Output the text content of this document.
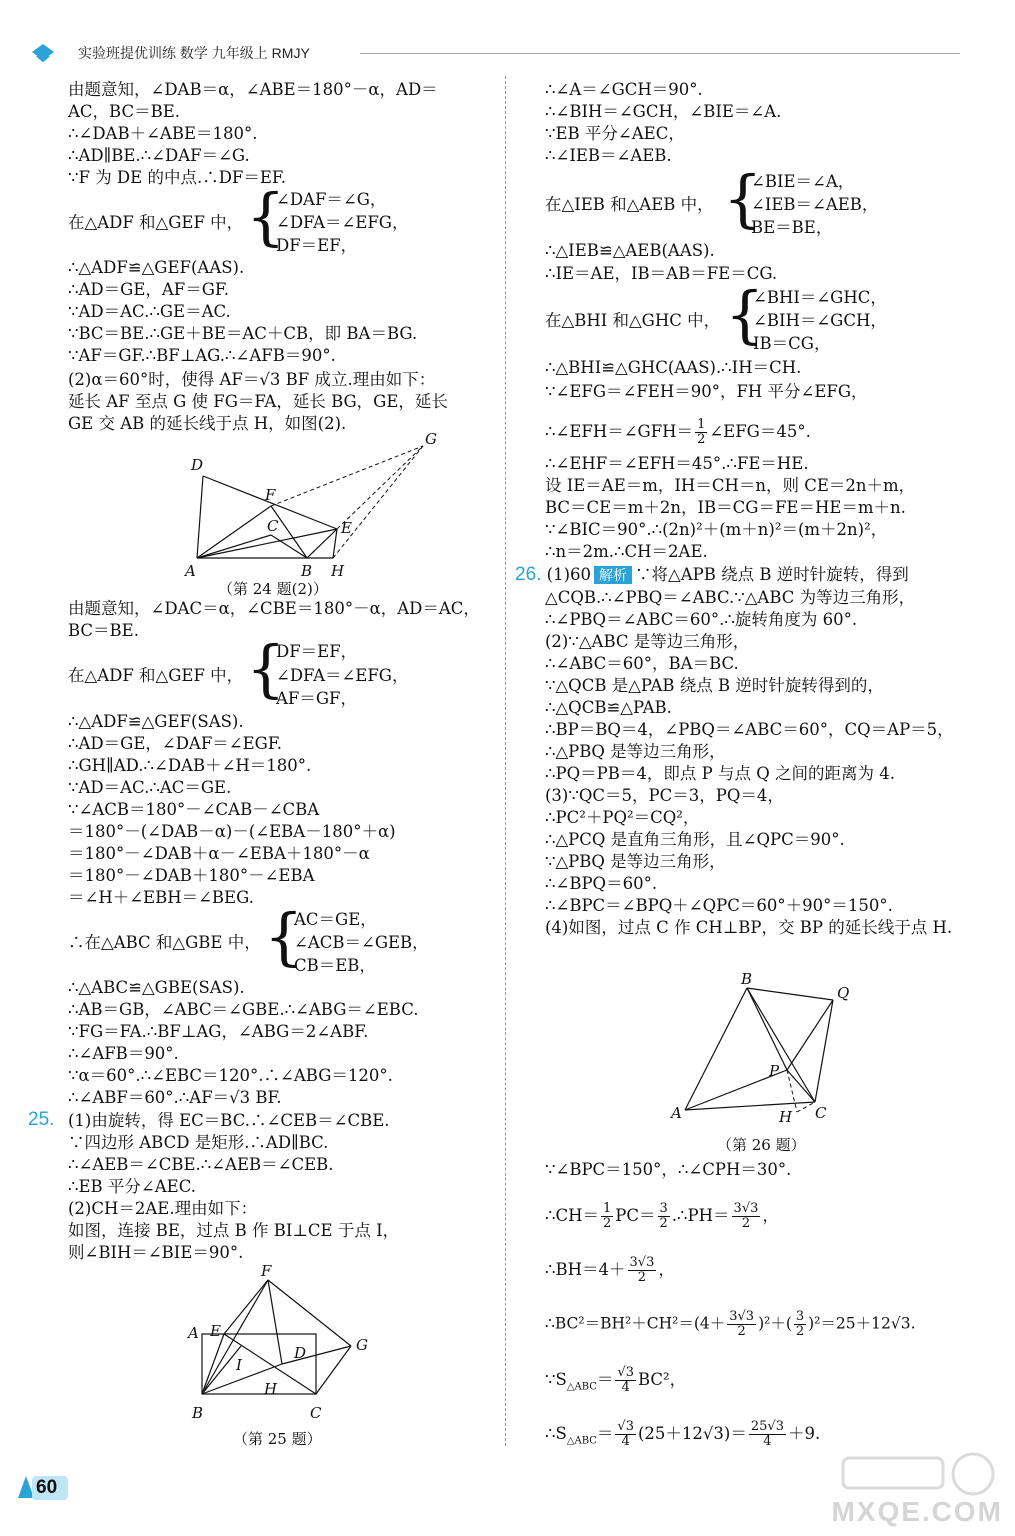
实验班提优训练 数学 九年级上 RMJY
由题意知，∠DAB＝α，∠ABE＝180°－α，AD＝
AC，BC＝BE.
∴∠DAB＋∠ABE＝180°.
∴AD∥BE.∴∠DAF＝∠G.
∵F 为 DE 的中点.∴DF＝EF.
在△ADF 和△GEF 中， {
∠DAF＝∠G，
∠DFA＝∠EFG，
DF＝EF，
∴△ADF≌△GEF(AAS).
∴AD＝GE，AF＝GF.
∵AD＝AC.∴GE＝AC.
∵BC＝BE.∴GE＋BE＝AC＋CB，即 BA＝BG.
∵AF＝GF.∴BF⊥AG.∴∠AFB＝90°.
(2)α＝60°时，使得 AF＝√3 BF 成立.理由如下：
延长 AF 至点 G 使 FG＝FA，延长 BG，GE，延长
GE 交 AB 的延长线于点 H，如图(2).
D
G
F
E
C
A	B H
（第 24 题(2)）
由题意知，∠DAC＝α，∠CBE＝180°－α，AD＝AC，
BC＝BE.
在△ADF 和△GEF 中， {
DF＝EF，
∠DFA＝∠EFG，
AF＝GF，
∴△ADF≌△GEF(SAS).
∴AD＝GE，∠DAF＝∠EGF.
∴GH∥AD.∴∠DAB＋∠H＝180°.
∵AD＝AC.∴AC＝GE.
∵∠ACB＝180°－∠CAB－∠CBA
＝180°－(∠DAB－α)－(∠EBA－180°＋α)
＝180°－∠DAB＋α－∠EBA＋180°－α
＝180°－∠DAB＋180°－∠EBA
＝∠H＋∠EBH＝∠BEG.
∴在△ABC 和△GBE 中， {
AC＝GE，
∠ACB＝∠GEB，
CB＝EB，
∴△ABC≌△GBE(SAS).
∴AB＝GB，∠ABC＝∠GBE.∴∠ABG＝∠EBC.
∵FG＝FA.∴BF⊥AG，∠ABG＝2∠ABF.
∴∠AFB＝90°.
∵α＝60°.∴∠EBC＝120°.∴∠ABG＝120°.
∴∠ABF＝60°.∴AF＝√3 BF.
25. (1)由旋转，得 EC＝BC.∴∠CEB＝∠CBE.
∵四边形 ABCD 是矩形.∴AD∥BC.
∴∠AEB＝∠CBE.∴∠AEB＝∠CEB.
∴EB 平分∠AEC.
(2)CH＝2AE.理由如下：
如图，连接 BE，过点 B 作 BI⊥CE 于点 I，
则∠BIH＝∠BIE＝90°.
F
A E
D	G
I
H
B	C
（第 25 题）
∴∠A＝∠GCH＝90°.
∴∠BIH＝∠GCH，∠BIE＝∠A.
∵EB 平分∠AEC，
∴∠IEB＝∠AEB.
在△IEB 和△AEB 中， {
∠BIE＝∠A，
∠IEB＝∠AEB，
BE＝BE，
∴△IEB≌△AEB(AAS).
∴IE＝AE，IB＝AB＝FE＝CG.
在△BHI 和△GHC 中， {
∠BHI＝∠GHC，
∠BIH＝∠GCH，
IB＝CG，
∴△BHI≌△GHC(AAS).∴IH＝CH.
∵∠EFG＝∠FEH＝90°，FH 平分∠EFG，
∴∠EFH＝∠GFH＝ $\frac{1}{2}$ ∠EFG＝45°.
∴∠EHF＝∠EFH＝45°.∴FE＝HE.
设 IE＝AE＝m，IH＝CH＝n，则 CE＝2n＋m，
BC＝CE＝m＋2n，IB＝CG＝FE＝HE＝m＋n.
∵∠BIC＝90°.∴(2n)²＋(m＋n)²＝(m＋2n)²，
∴n＝2m.∴CH＝2AE.
26. (1)60 解析 ∵将△APB 绕点 B 逆时针旋转，得到
△CQB.∴∠PBQ＝∠ABC.∵△ABC 为等边三角形，
∴∠PBQ＝∠ABC＝60°.∴旋转角度为 60°.
(2)∵△ABC 是等边三角形，
∴∠ABC＝60°，BA＝BC.
∵△QCB 是△PAB 绕点 B 逆时针旋转得到的，
∴△QCB≌△PAB.
∴BP＝BQ＝4，∠PBQ＝∠ABC＝60°，CQ＝AP＝5，
∴△PBQ 是等边三角形，
∴PQ＝PB＝4，即点 P 与点 Q 之间的距离为 4.
(3)∵QC＝5，PC＝3，PQ＝4，
∴PC²＋PQ²＝CQ²，
∴△PCQ 是直角三角形，且∠QPC＝90°.
∵△PBQ 是等边三角形，
∴∠BPQ＝60°.
∴∠BPC＝∠BPQ＋∠QPC＝60°＋90°＝150°.
(4)如图，过点 C 作 CH⊥BP，交 BP 的延长线于点 H.
B
Q
P
A	H C
（第 26 题）
∵∠BPC＝150°，∴∠CPH＝30°.
∴CH＝ $\frac{1}{2} PC= \frac{3}{2}$ .∴PH＝ $\frac{3√3}{2}$ ，
∴BH＝4＋ $\frac{3√3}{2}$ ，
∴BC²＝BH²＋CH²＝(4＋ $\frac{3√3}{2} )^2+( \frac{3}{2} )^2=25+12√3$.
$\because S_{\triangle ABC}= \frac{√3}{4} BC^2$，
$\therefore S_{\triangle ABC}= \frac{√3}{4} (25+12√3)= \frac{25√3}{4} +9$.
60
MXQE.COM
